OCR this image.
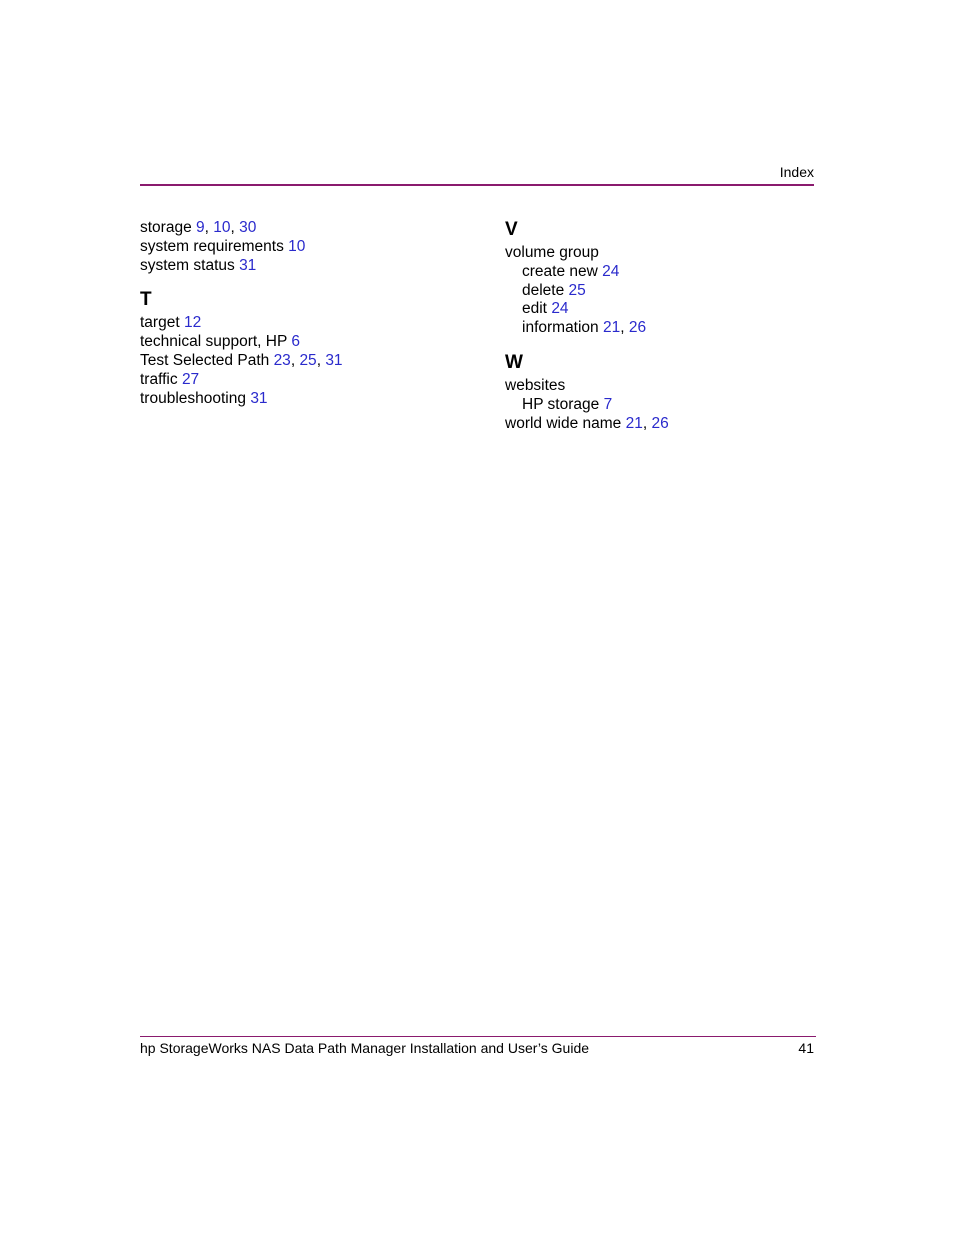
Index
storage 9, 10, 30
system requirements 10
system status 31
T
target 12
technical support, HP 6
Test Selected Path 23, 25, 31
traffic 27
troubleshooting 31
V
volume group
create new 24
delete 25
edit 24
information 21, 26
W
websites
HP storage 7
world wide name 21, 26
hp StorageWorks NAS Data Path Manager Installation and User’s Guide	41
